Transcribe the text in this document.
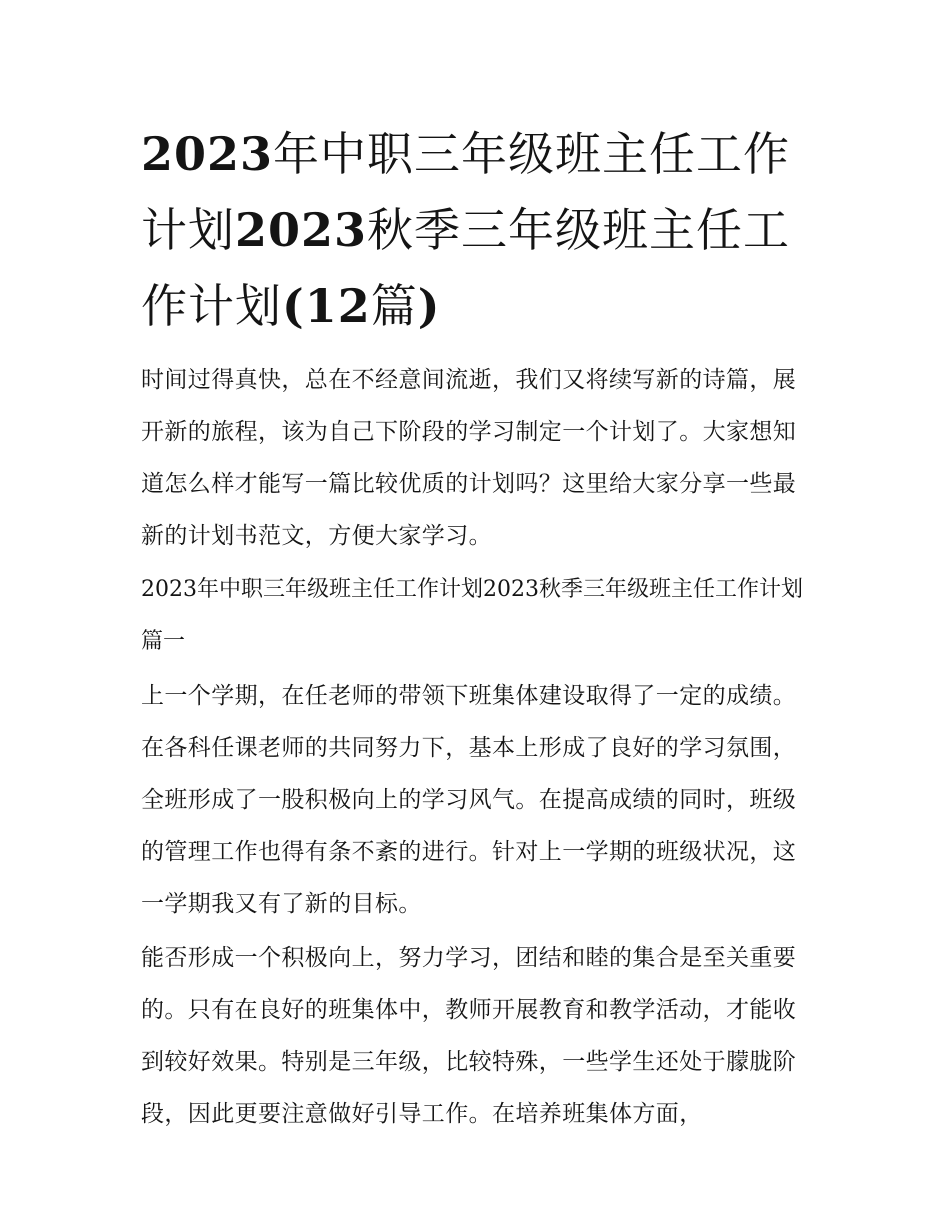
2023年中职三年级班主任工作计划2023秋季三年级班主任工作计划(12篇)

时间过得真快，总在不经意间流逝，我们又将续写新的诗篇，展开新的旅程，该为自己下阶段的学习制定一个计划了。大家想知道怎么样才能写一篇比较优质的计划吗？这里给大家分享一些最新的计划书范文，方便大家学习。

2023年中职三年级班主任工作计划2023秋季三年级班主任工作计划篇一

上一个学期，在任老师的带领下班集体建设取得了一定的成绩。在各科任课老师的共同努力下，基本上形成了良好的学习氛围，全班形成了一股积极向上的学习风气。在提高成绩的同时，班级的管理工作也得有条不紊的进行。针对上一学期的班级状况，这一学期我又有了新的目标。

能否形成一个积极向上，努力学习，团结和睦的集合是至关重要的。只有在良好的班集体中，教师开展教育和教学活动，才能收到较好效果。特别是三年级，比较特殊，一些学生还处于朦胧阶段，因此更要注意做好引导工作。在培养班集体方面，
